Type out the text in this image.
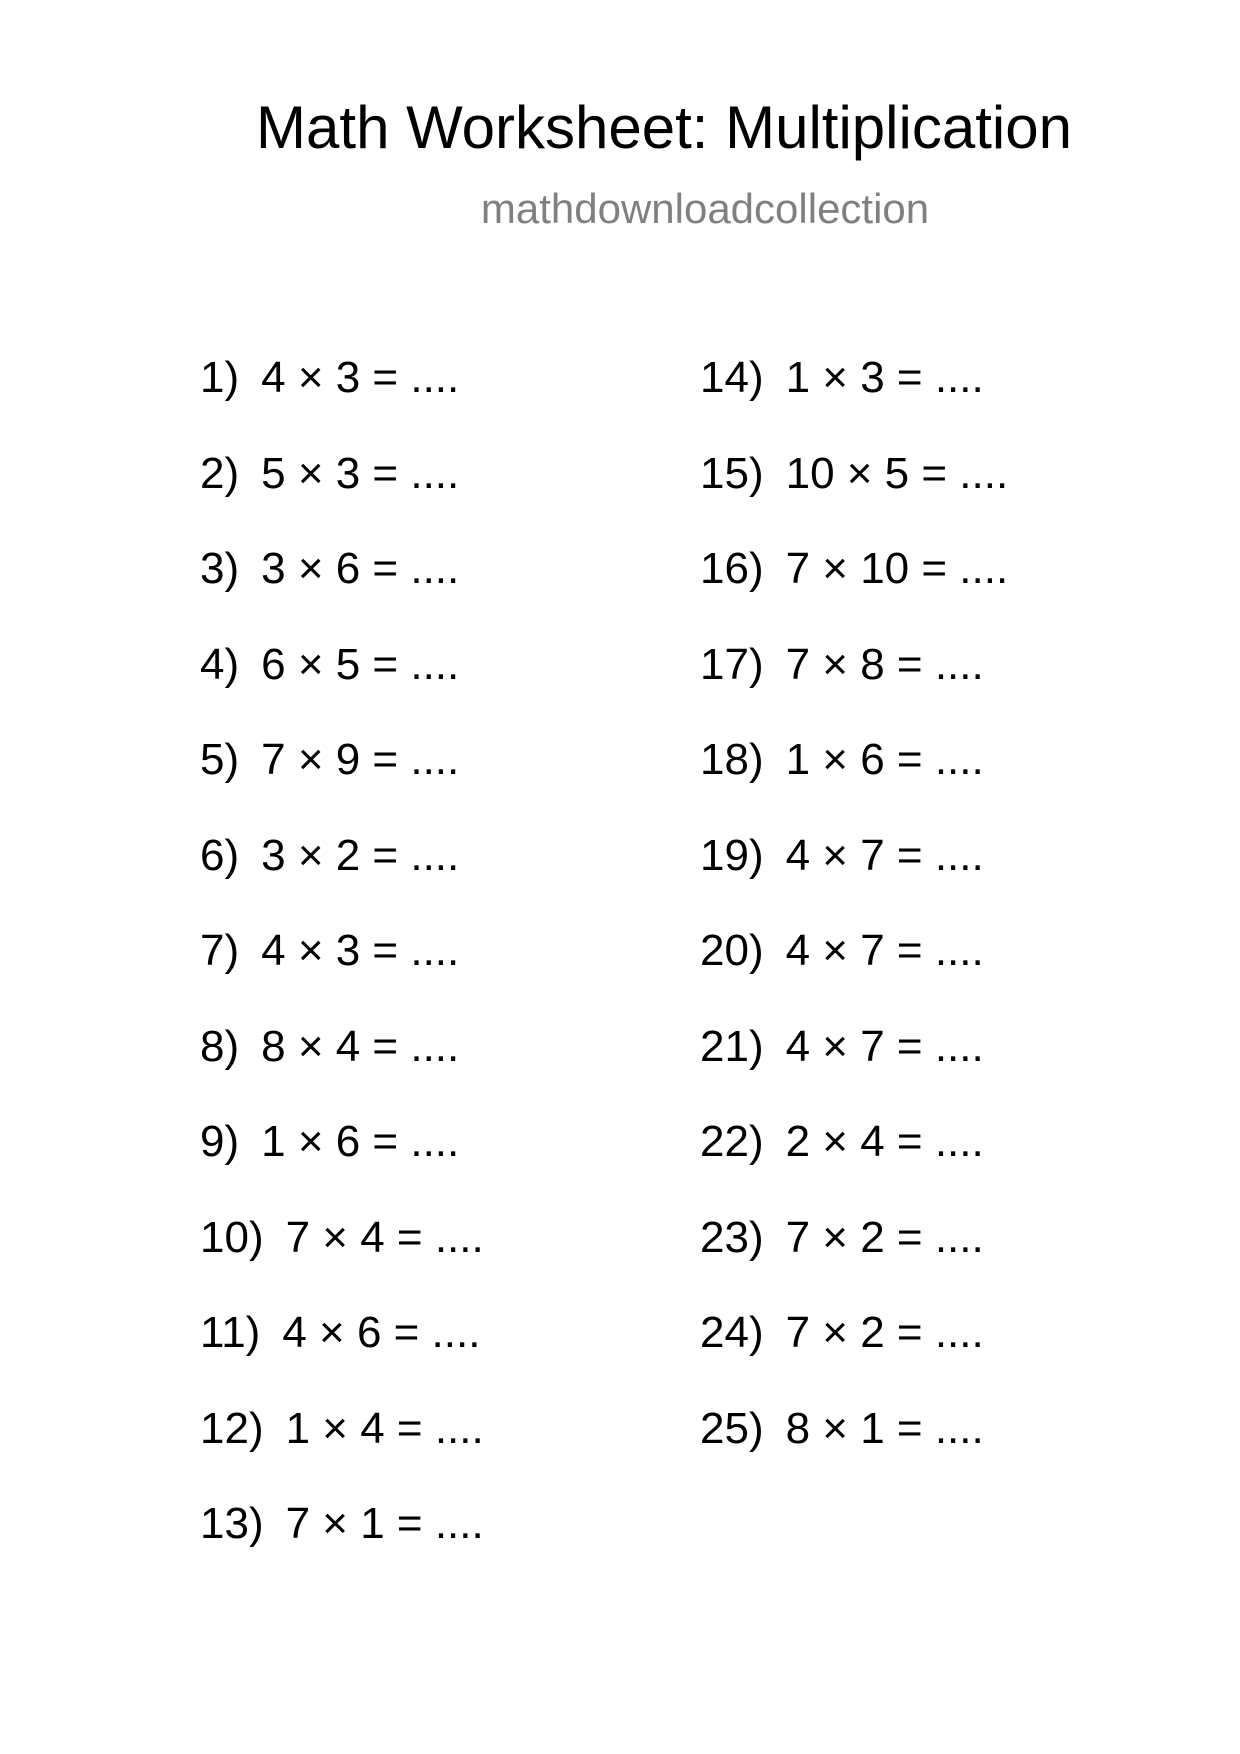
Math Worksheet: Multiplication

mathdownloadcollection

1) 4 × 3 = ....
2) 5 × 3 = ....
3) 3 × 6 = ....
4) 6 × 5 = ....
5) 7 × 9 = ....
6) 3 × 2 = ....
7) 4 × 3 = ....
8) 8 × 4 = ....
9) 1 × 6 = ....
10) 7 × 4 = ....
11) 4 × 6 = ....
12) 1 × 4 = ....
13) 7 × 1 = ....
14) 1 × 3 = ....
15) 10 × 5 = ....
16) 7 × 10 = ....
17) 7 × 8 = ....
18) 1 × 6 = ....
19) 4 × 7 = ....
20) 4 × 7 = ....
21) 4 × 7 = ....
22) 2 × 4 = ....
23) 7 × 2 = ....
24) 7 × 2 = ....
25) 8 × 1 = ....
